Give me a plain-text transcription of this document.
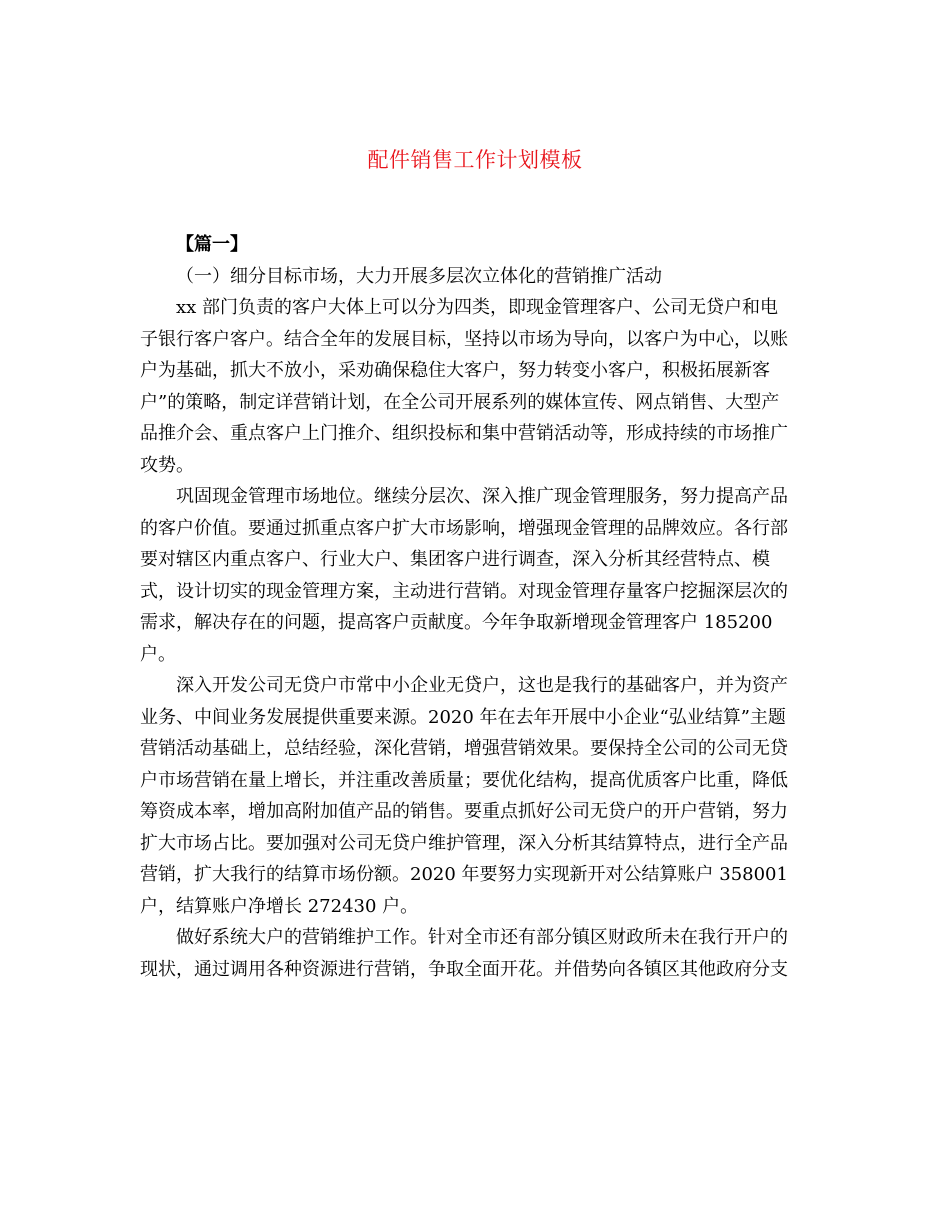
配件销售工作计划模板
【篇一】
（一）细分目标市场，大力开展多层次立体化的营销推广活动
xx 部门负责的客户大体上可以分为四类，即现金管理客户、公司无贷户和电
子银行客户客户。结合全年的发展目标，坚持以市场为导向，以客户为中心，以账
户为基础，抓大不放小，采劝确保稳住大客户，努力转变小客户，积极拓展新客
户”的策略，制定详营销计划，在全公司开展系列的媒体宣传、网点销售、大型产
品推介会、重点客户上门推介、组织投标和集中营销活动等，形成持续的市场推广
攻势。
巩固现金管理市场地位。继续分层次、深入推广现金管理服务，努力提高产品
的客户价值。要通过抓重点客户扩大市场影响，增强现金管理的品牌效应。各行部
要对辖区内重点客户、行业大户、集团客户进行调查，深入分析其经营特点、模
式，设计切实的现金管理方案，主动进行营销。对现金管理存量客户挖掘深层次的
需求，解决存在的问题，提高客户贡献度。今年争取新增现金管理客户 185200
户。
深入开发公司无贷户市常中小企业无贷户，这也是我行的基础客户，并为资产
业务、中间业务发展提供重要来源。2020 年在去年开展中小企业“弘业结算”主题
营销活动基础上，总结经验，深化营销，增强营销效果。要保持全公司的公司无贷
户市场营销在量上增长，并注重改善质量；要优化结构，提高优质客户比重，降低
筹资成本率，增加高附加值产品的销售。要重点抓好公司无贷户的开户营销，努力
扩大市场占比。要加强对公司无贷户维护管理，深入分析其结算特点，进行全产品
营销，扩大我行的结算市场份额。2020 年要努力实现新开对公结算账户 358001
户，结算账户净增长 272430 户。
做好系统大户的营销维护工作。针对全市还有部分镇区财政所未在我行开户的
现状，通过调用各种资源进行营销，争取全面开花。并借势向各镇区其他政府分支
